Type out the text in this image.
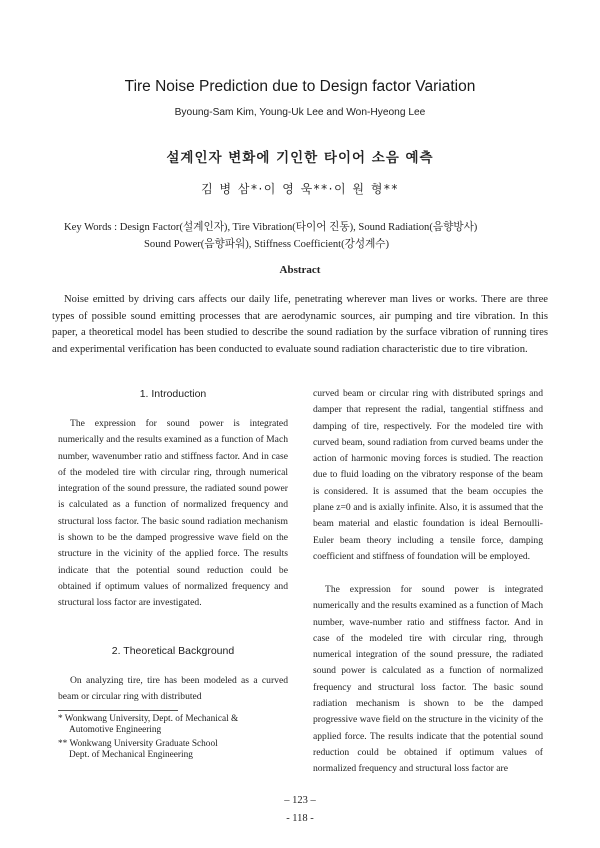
Tire Noise Prediction due to Design factor Variation
Byoung-Sam Kim, Young-Uk Lee and Won-Hyeong Lee
설계인자 변화에 기인한 타이어 소음 예측
김 병 삼*·이 영 욱**·이 원 형**
Key Words : Design Factor(설계인자), Tire Vibration(타이어 진동), Sound Radiation(음향방사)
Sound Power(음향파워), Stiffness Coefficient(강성계수)
Abstract
Noise emitted by driving cars affects our daily life, penetrating wherever man lives or works. There are three types of possible sound emitting processes that are aerodynamic sources, air pumping and tire vibration. In this paper, a theoretical model has been studied to describe the sound radiation by the surface vibration of running tires and experimental verification has been conducted to evaluate sound radiation characteristic due to tire vibration.
1. Introduction

The expression for sound power is integrated numerically and the results examined as a function of Mach number, wavenumber ratio and stiffness factor. And in case of the modeled tire with circular ring, through numerical integration of the sound pressure, the radiated sound power is calculated as a function of normalized frequency and structural loss factor. The basic sound radiation mechanism is shown to be the damped progressive wave field on the structure in the vicinity of the applied force. The results indicate that the potential sound reduction could be obtained if optimum values of normalized frequency and structural loss factor are investigated.

2. Theoretical Background

On analyzing tire, tire has been modeled as a curved beam or circular ring with distributed

* Wonkwang University, Dept. of Mechanical &
Automotive Engineering
** Wonkwang University Graduate School
Dept. of Mechanical Engineering

curved beam or circular ring with distributed springs and damper that represent the radial, tangential stiffness and damping of tire, respectively. For the modeled tire with curved beam, sound radiation from curved beams under the action of harmonic moving forces is studied. The reaction due to fluid loading on the vibratory response of the beam is considered. It is assumed that the beam occupies the plane z=0 and is axially infinite. Also, it is assumed that the beam material and elastic foundation is ideal Bernoulli-Euler beam theory including a tensile force, damping coefficient and stiffness of foundation will be employed.

The expression for sound power is integrated numerically and the results examined as a function of Mach number, wave-number ratio and stiffness factor. And in case of the modeled tire with circular ring, through numerical integration of the sound pressure, the radiated sound power is calculated as a function of normalized frequency and structural loss factor. The basic sound radiation mechanism is shown to be the damped progressive wave field on the structure in the vicinity of the applied force. The results indicate that the potential sound reduction could be obtained if optimum values of normalized frequency and structural loss factor are

– 123 –
- 118 -
